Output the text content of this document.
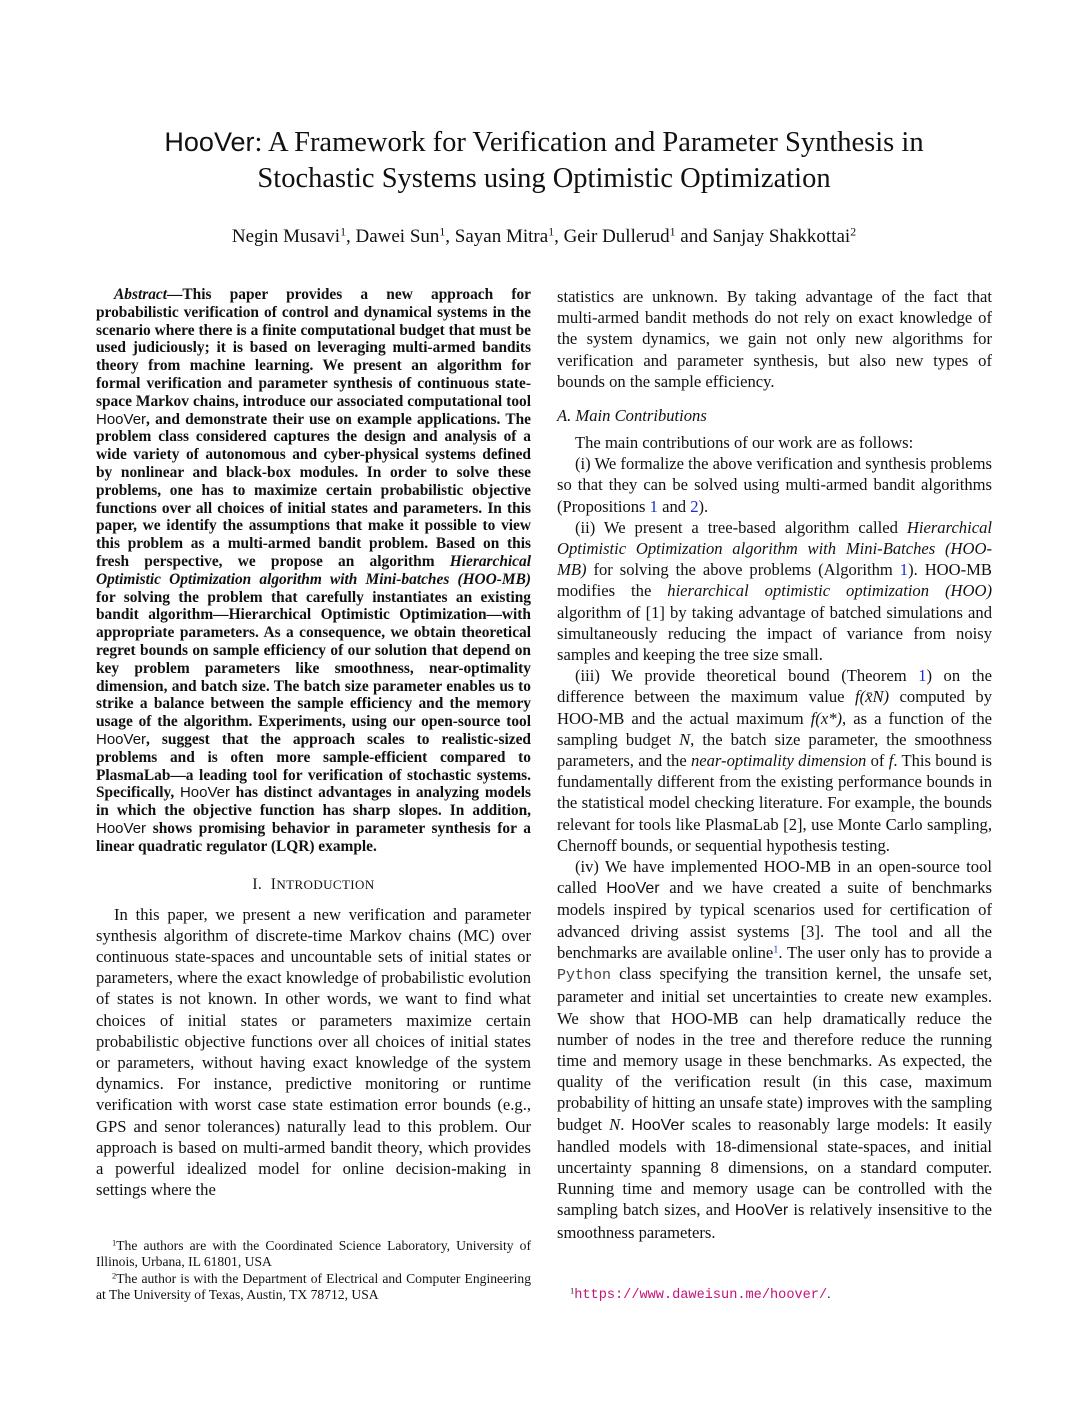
HooVer: A Framework for Verification and Parameter Synthesis in
Stochastic Systems using Optimistic Optimization
Negin Musavi$^1$, Dawei Sun$^1$, Sayan Mitra$^1$, Geir Dullerud$^1$ and Sanjay Shakkottai$^2$

Abstract—This paper provides a new approach for probabilistic verification of control and dynamical systems in the scenario where there is a finite computational budget that must be used judiciously; it is based on leveraging multi-armed bandits theory from machine learning. We present an algorithm for formal verification and parameter synthesis of continuous state-space Markov chains, introduce our associated computational tool HooVer, and demonstrate their use on example applications. The problem class considered captures the design and analysis of a wide variety of autonomous and cyber-physical systems defined by nonlinear and black-box modules. In order to solve these problems, one has to maximize certain probabilistic objective functions over all choices of initial states and parameters. In this paper, we identify the assumptions that make it possible to view this problem as a multi-armed bandit problem. Based on this fresh perspective, we propose an algorithm Hierarchical Optimistic Optimization algorithm with Mini-batches (HOO-MB) for solving the problem that carefully instantiates an existing bandit algorithm—Hierarchical Optimistic Optimization—with appropriate parameters. As a consequence, we obtain theoretical regret bounds on sample efficiency of our solution that depend on key problem parameters like smoothness, near-optimality dimension, and batch size. The batch size parameter enables us to strike a balance between the sample efficiency and the memory usage of the algorithm. Experiments, using our open-source tool HooVer, suggest that the approach scales to realistic-sized problems and is often more sample-efficient compared to PlasmaLab—a leading tool for verification of stochastic systems. Specifically, HooVer has distinct advantages in analyzing models in which the objective function has sharp slopes. In addition, HooVer shows promising behavior in parameter synthesis for a linear quadratic regulator (LQR) example.

I. INTRODUCTION

In this paper, we present a new verification and parameter synthesis algorithm of discrete-time Markov chains (MC) over continuous state-spaces and uncountable sets of initial states or parameters, where the exact knowledge of probabilistic evolution of states is not known. In other words, we want to find what choices of initial states or parameters maximize certain probabilistic objective functions over all choices of initial states or parameters, without having exact knowledge of the system dynamics. For instance, predictive monitoring or runtime verification with worst case state estimation error bounds (e.g., GPS and senor tolerances) naturally lead to this problem. Our approach is based on multi-armed bandit theory, which provides a powerful idealized model for online decision-making in settings where the

$^1$The authors are with the Coordinated Science Laboratory, University of Illinois, Urbana, IL 61801, USA

$^2$The author is with the Department of Electrical and Computer Engineering at The University of Texas, Austin, TX 78712, USA

statistics are unknown. By taking advantage of the fact that multi-armed bandit methods do not rely on exact knowledge of the system dynamics, we gain not only new algorithms for verification and parameter synthesis, but also new types of bounds on the sample efficiency.

A. Main Contributions

The main contributions of our work are as follows:

(i) We formalize the above verification and synthesis problems so that they can be solved using multi-armed bandit algorithms (Propositions 1 and 2).

(ii) We present a tree-based algorithm called Hierarchical Optimistic Optimization algorithm with Mini-Batches (HOO-MB) for solving the above problems (Algorithm 1). HOO-MB modifies the hierarchical optimistic optimization (HOO) algorithm of [1] by taking advantage of batched simulations and simultaneously reducing the impact of variance from noisy samples and keeping the tree size small.

(iii) We provide theoretical bound (Theorem 1) on the difference between the maximum value f(x̄N) computed by HOO-MB and the actual maximum f(x*), as a function of the sampling budget N, the batch size parameter, the smoothness parameters, and the near-optimality dimension of f. This bound is fundamentally different from the existing performance bounds in the statistical model checking literature. For example, the bounds relevant for tools like PlasmaLab [2], use Monte Carlo sampling, Chernoff bounds, or sequential hypothesis testing.

(iv) We have implemented HOO-MB in an open-source tool called HooVer and we have created a suite of benchmarks models inspired by typical scenarios used for certification of advanced driving assist systems [3]. The tool and all the benchmarks are available online$^1$. The user only has to provide a Python class specifying the transition kernel, the unsafe set, parameter and initial set uncertainties to create new examples. We show that HOO-MB can help dramatically reduce the number of nodes in the tree and therefore reduce the running time and memory usage in these benchmarks. As expected, the quality of the verification result (in this case, maximum probability of hitting an unsafe state) improves with the sampling budget N. HooVer scales to reasonably large models: It easily handled models with 18-dimensional state-spaces, and initial uncertainty spanning 8 dimensions, on a standard computer. Running time and memory usage can be controlled with the sampling batch sizes, and HooVer is relatively insensitive to the smoothness parameters.

$^1$https://www.daweisun.me/hoover/.
